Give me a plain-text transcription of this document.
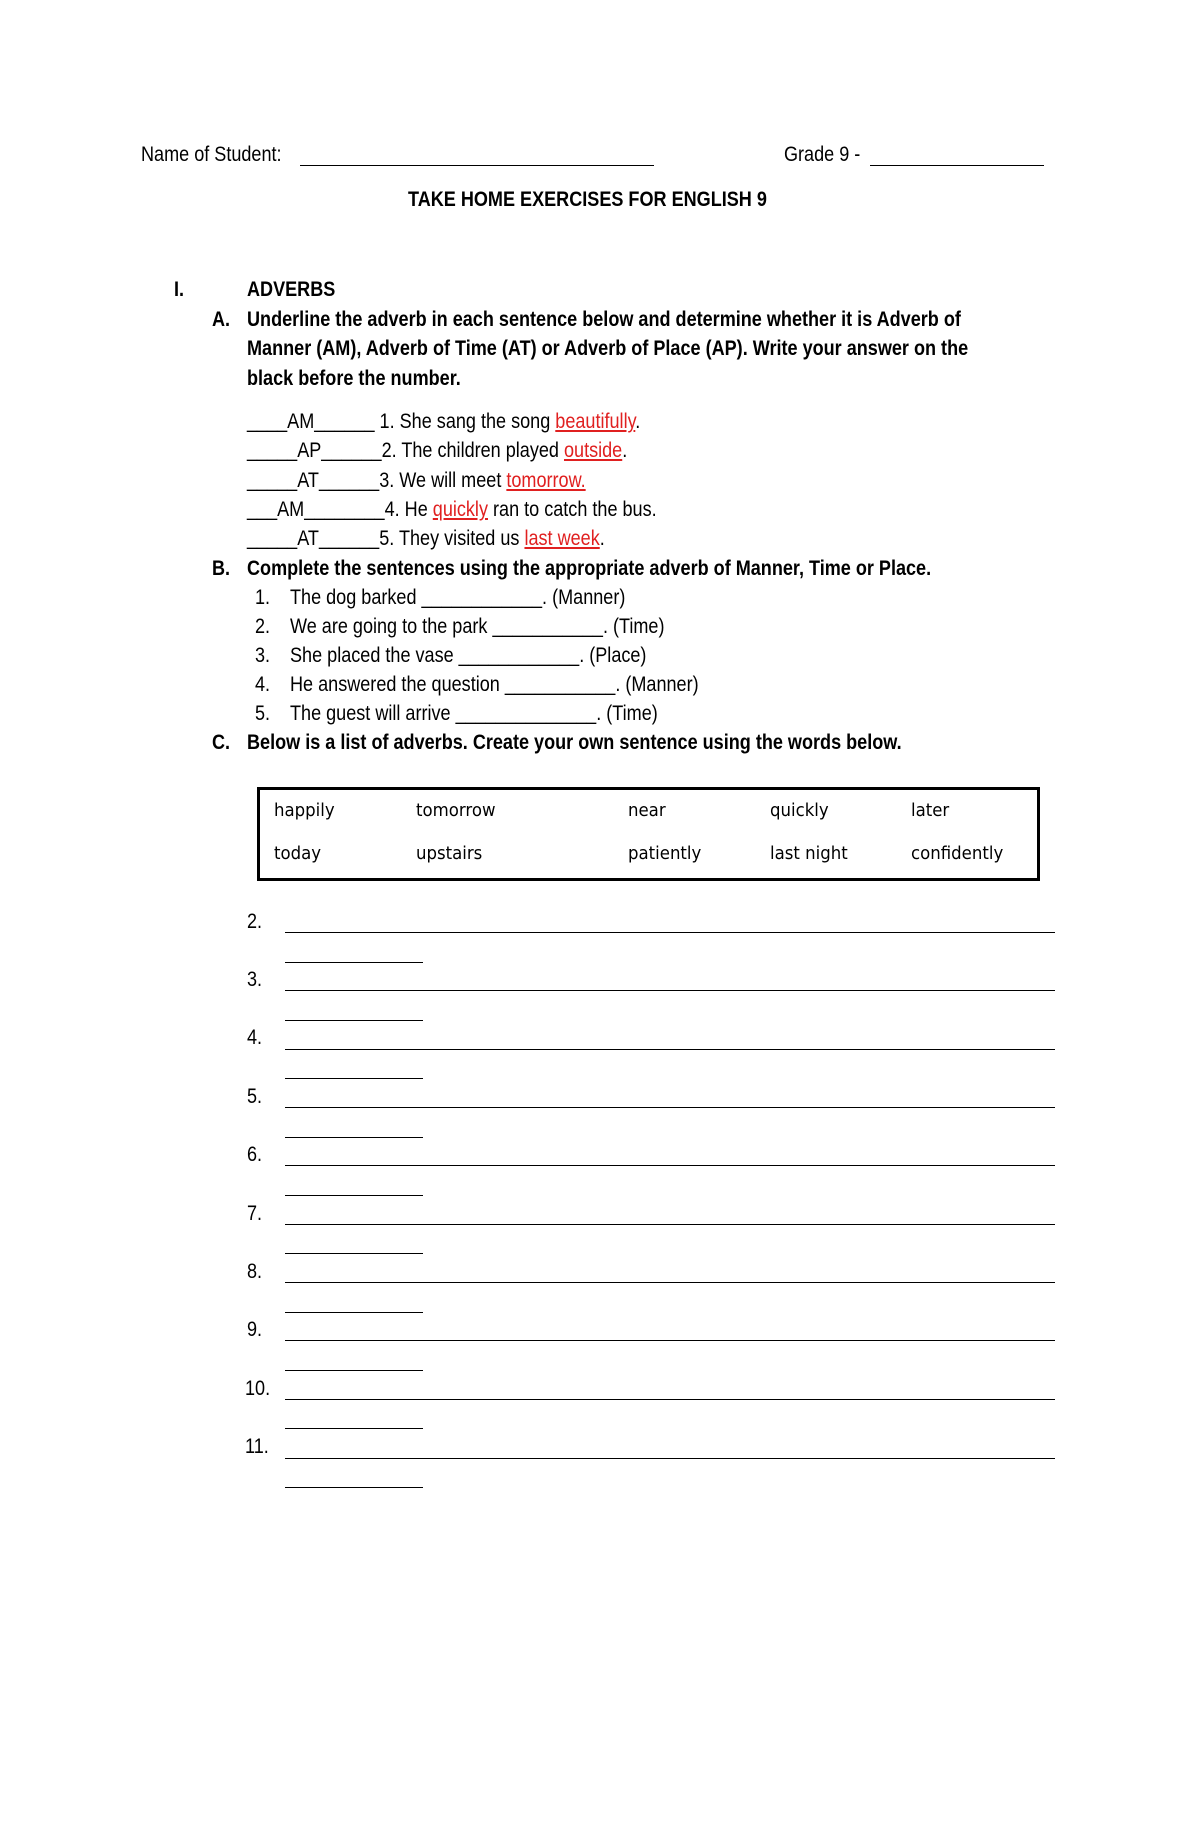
Name of Student:	Grade 9 -
TAKE HOME EXERCISES FOR ENGLISH 9
I.	ADVERBS
A. Underline the adverb in each sentence below and determine whether it is Adverb of
Manner (AM), Adverb of Time (AT) or Adverb of Place (AP). Write your answer on the
black before the number.
____AM______ 1. She sang the song beautifully.
_____AP______2. The children played outside.
_____AT______3. We will meet tomorrow.
___AM________4. He quickly ran to catch the bus.
_____AT______5. They visited us last week.
B. Complete the sentences using the appropriate adverb of Manner, Time or Place.
1. The dog barked ____________. (Manner)
2. We are going to the park ___________. (Time)
3. She placed the vase ____________. (Place)
4. He answered the question ___________. (Manner)
5. The guest will arrive ______________. (Time)
C. Below is a list of adverbs. Create your own sentence using the words below.
happily	tomorrow	near	quickly	later
today	upstairs	patiently	last night	confidently
2.
3.
4.
5.
6.
7.
8.
9.
10.
11.
